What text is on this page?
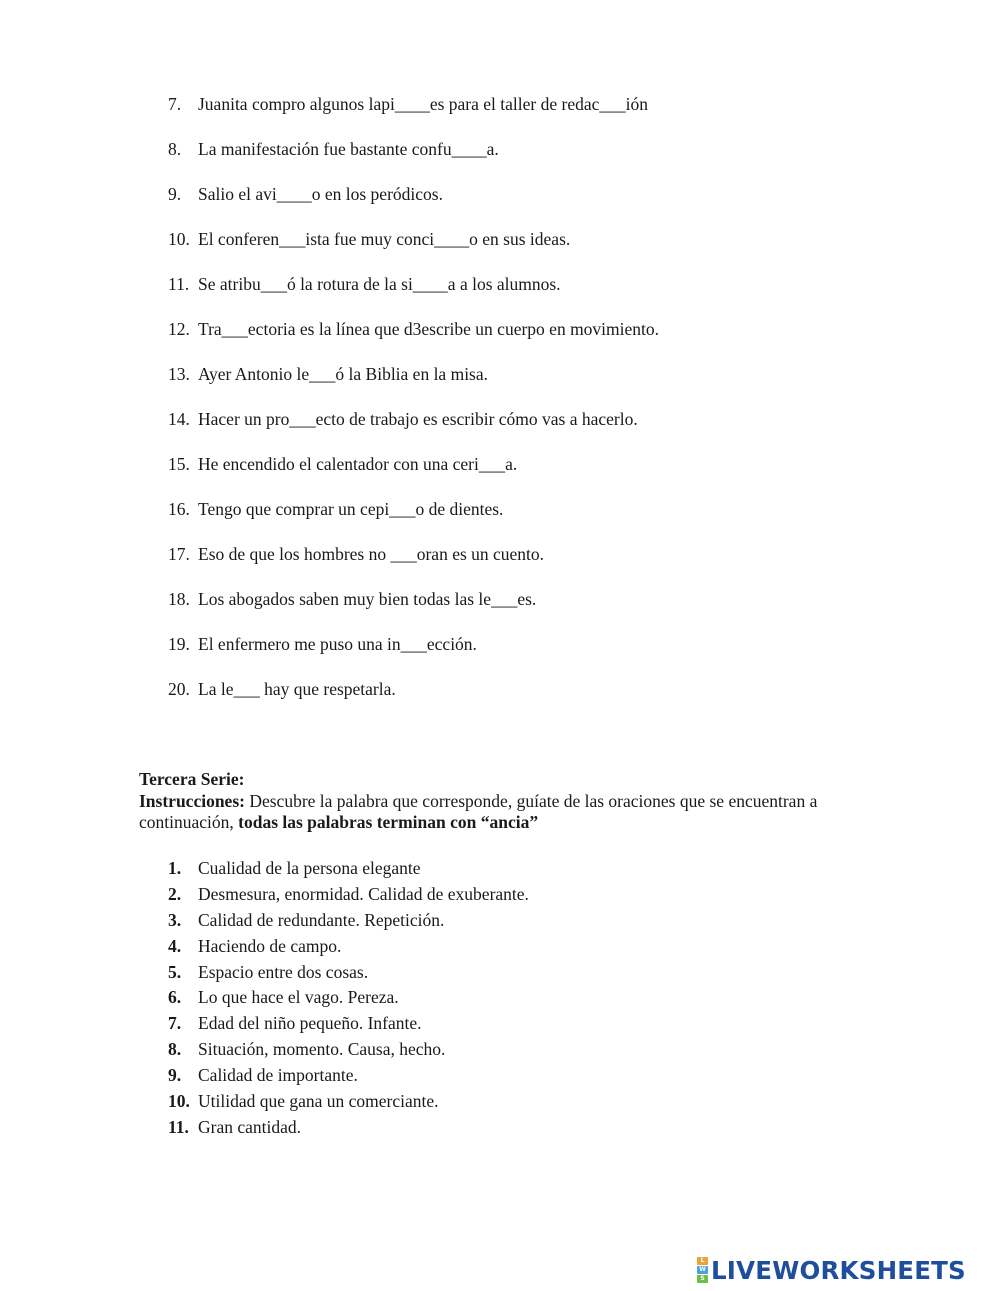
7. Juanita compro algunos lapi____es para el taller de redac___ión
8. La manifestación fue bastante confu____a.
9. Salio el avi____o en los peródicos.
10. El conferen___ista fue muy conci____o en sus ideas.
11. Se atribu___ó la rotura de la si____a a los alumnos.
12. Tra___ectoria es la línea que d3escribe un cuerpo en movimiento.
13. Ayer Antonio le___ó la Biblia en la misa.
14. Hacer un pro___ecto de trabajo es escribir cómo vas a hacerlo.
15. He encendido el calentador con una ceri___a.
16. Tengo que comprar un cepi___o de dientes.
17. Eso de que los hombres no ___oran es un cuento.
18. Los abogados saben muy bien todas las le___es.
19. El enfermero me puso una in___ección.
20. La le___ hay que respetarla.
Tercera Serie:
Instrucciones: Descubre la palabra que corresponde, guíate de las oraciones que se encuentran a continuación, todas las palabras terminan con “ancia”
1. Cualidad de la persona elegante
2. Desmesura, enormidad. Calidad de exuberante.
3. Calidad de redundante. Repetición.
4. Haciendo de campo.
5. Espacio entre dos cosas.
6. Lo que hace el vago. Pereza.
7. Edad del niño pequeño. Infante.
8. Situación, momento. Causa, hecho.
9. Calidad de importante.
10. Utilidad que gana un comerciante.
11. Gran cantidad.
L
W
S LIVEWORKSHEETS
